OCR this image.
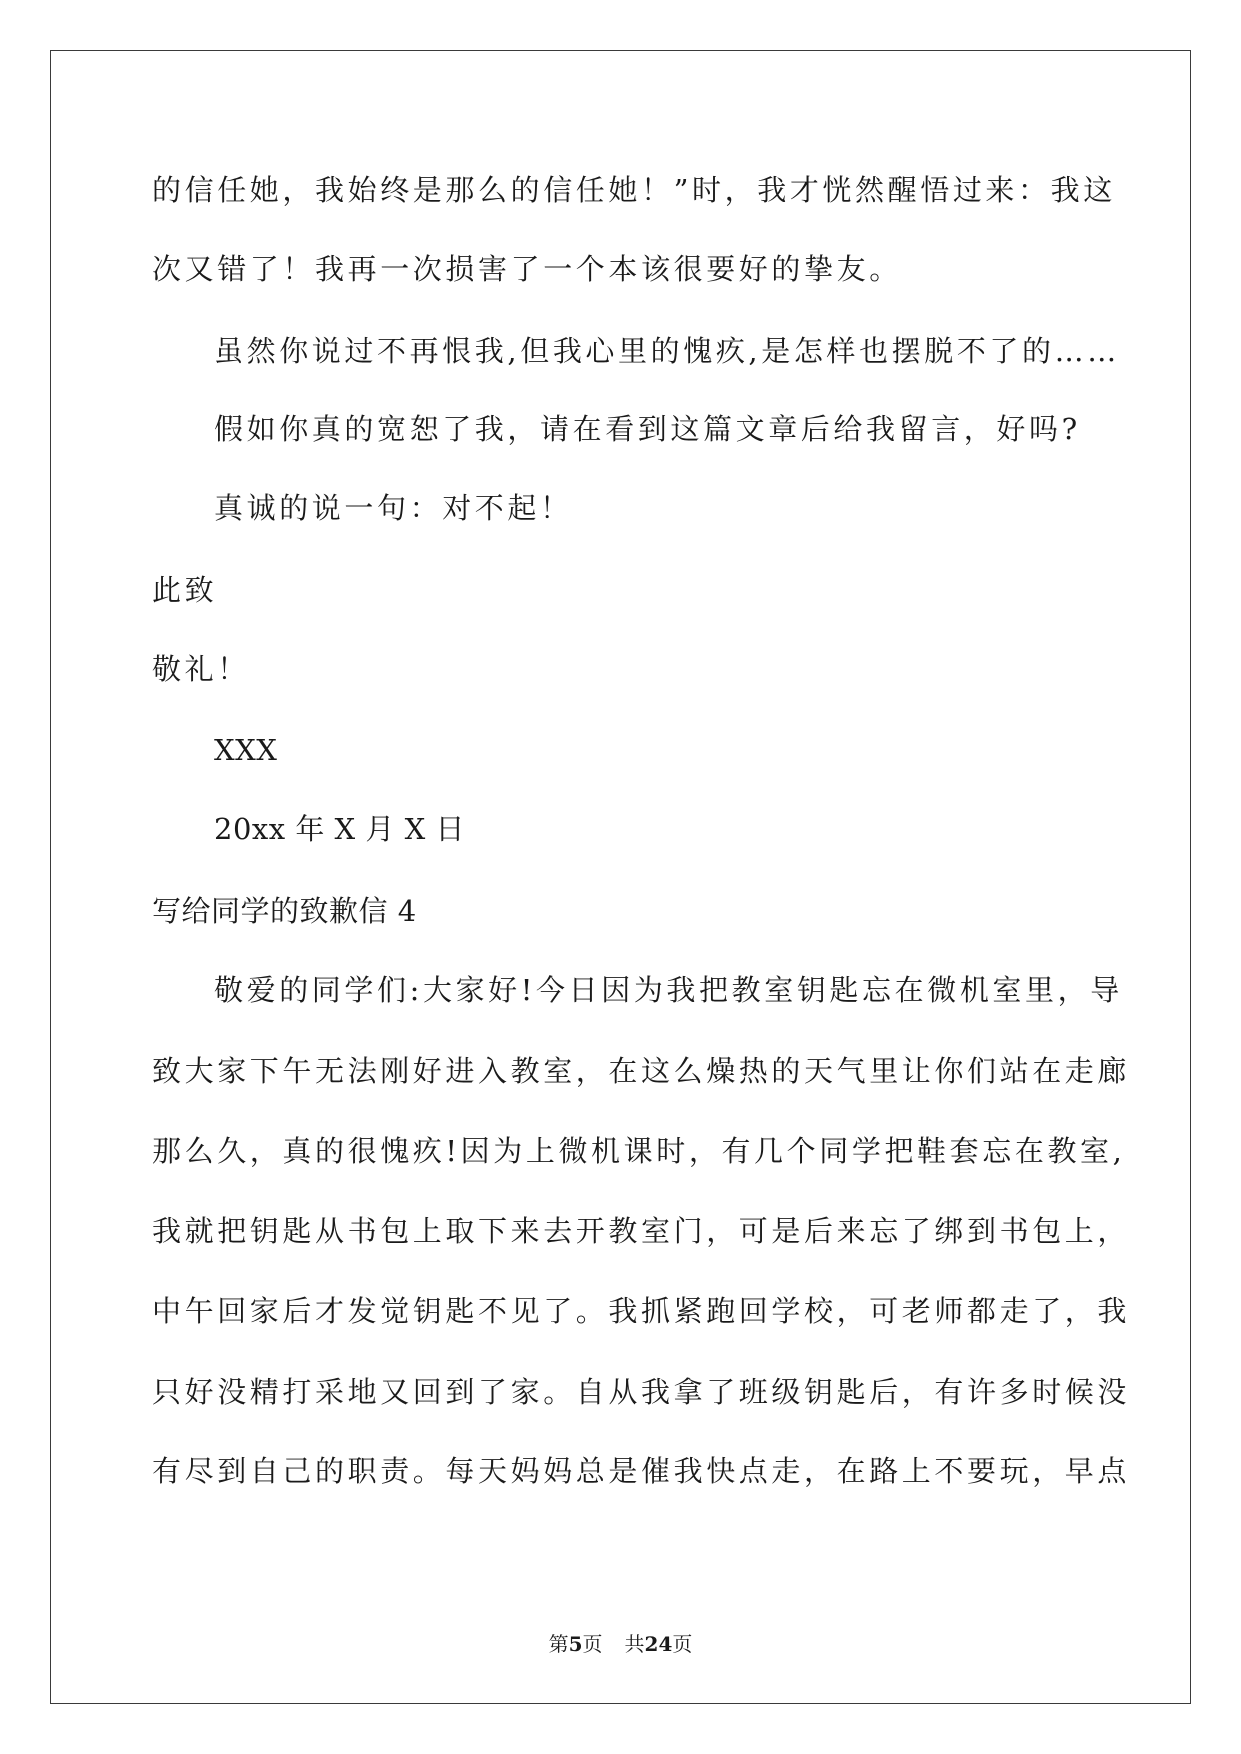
的信任她，我始终是那么的信任她！”时，我才恍然醒悟过来：我这
次又错了！我再一次损害了一个本该很要好的挚友。
虽然你说过不再恨我,但我心里的愧疚,是怎样也摆脱不了的……
假如你真的宽恕了我，请在看到这篇文章后给我留言，好吗?
真诚的说一句：对不起！
此致
敬礼！
XXX
20xx 年 X 月 X 日
写给同学的致歉信 4
敬爱的同学们:大家好!今日因为我把教室钥匙忘在微机室里，导
致大家下午无法刚好进入教室，在这么燥热的天气里让你们站在走廊
那么久，真的很愧疚!因为上微机课时，有几个同学把鞋套忘在教室,
我就把钥匙从书包上取下来去开教室门，可是后来忘了绑到书包上，
中午回家后才发觉钥匙不见了。我抓紧跑回学校，可老师都走了，我
只好没精打采地又回到了家。自从我拿了班级钥匙后，有许多时候没
有尽到自己的职责。每天妈妈总是催我快点走，在路上不要玩，早点
第5页 共24页
